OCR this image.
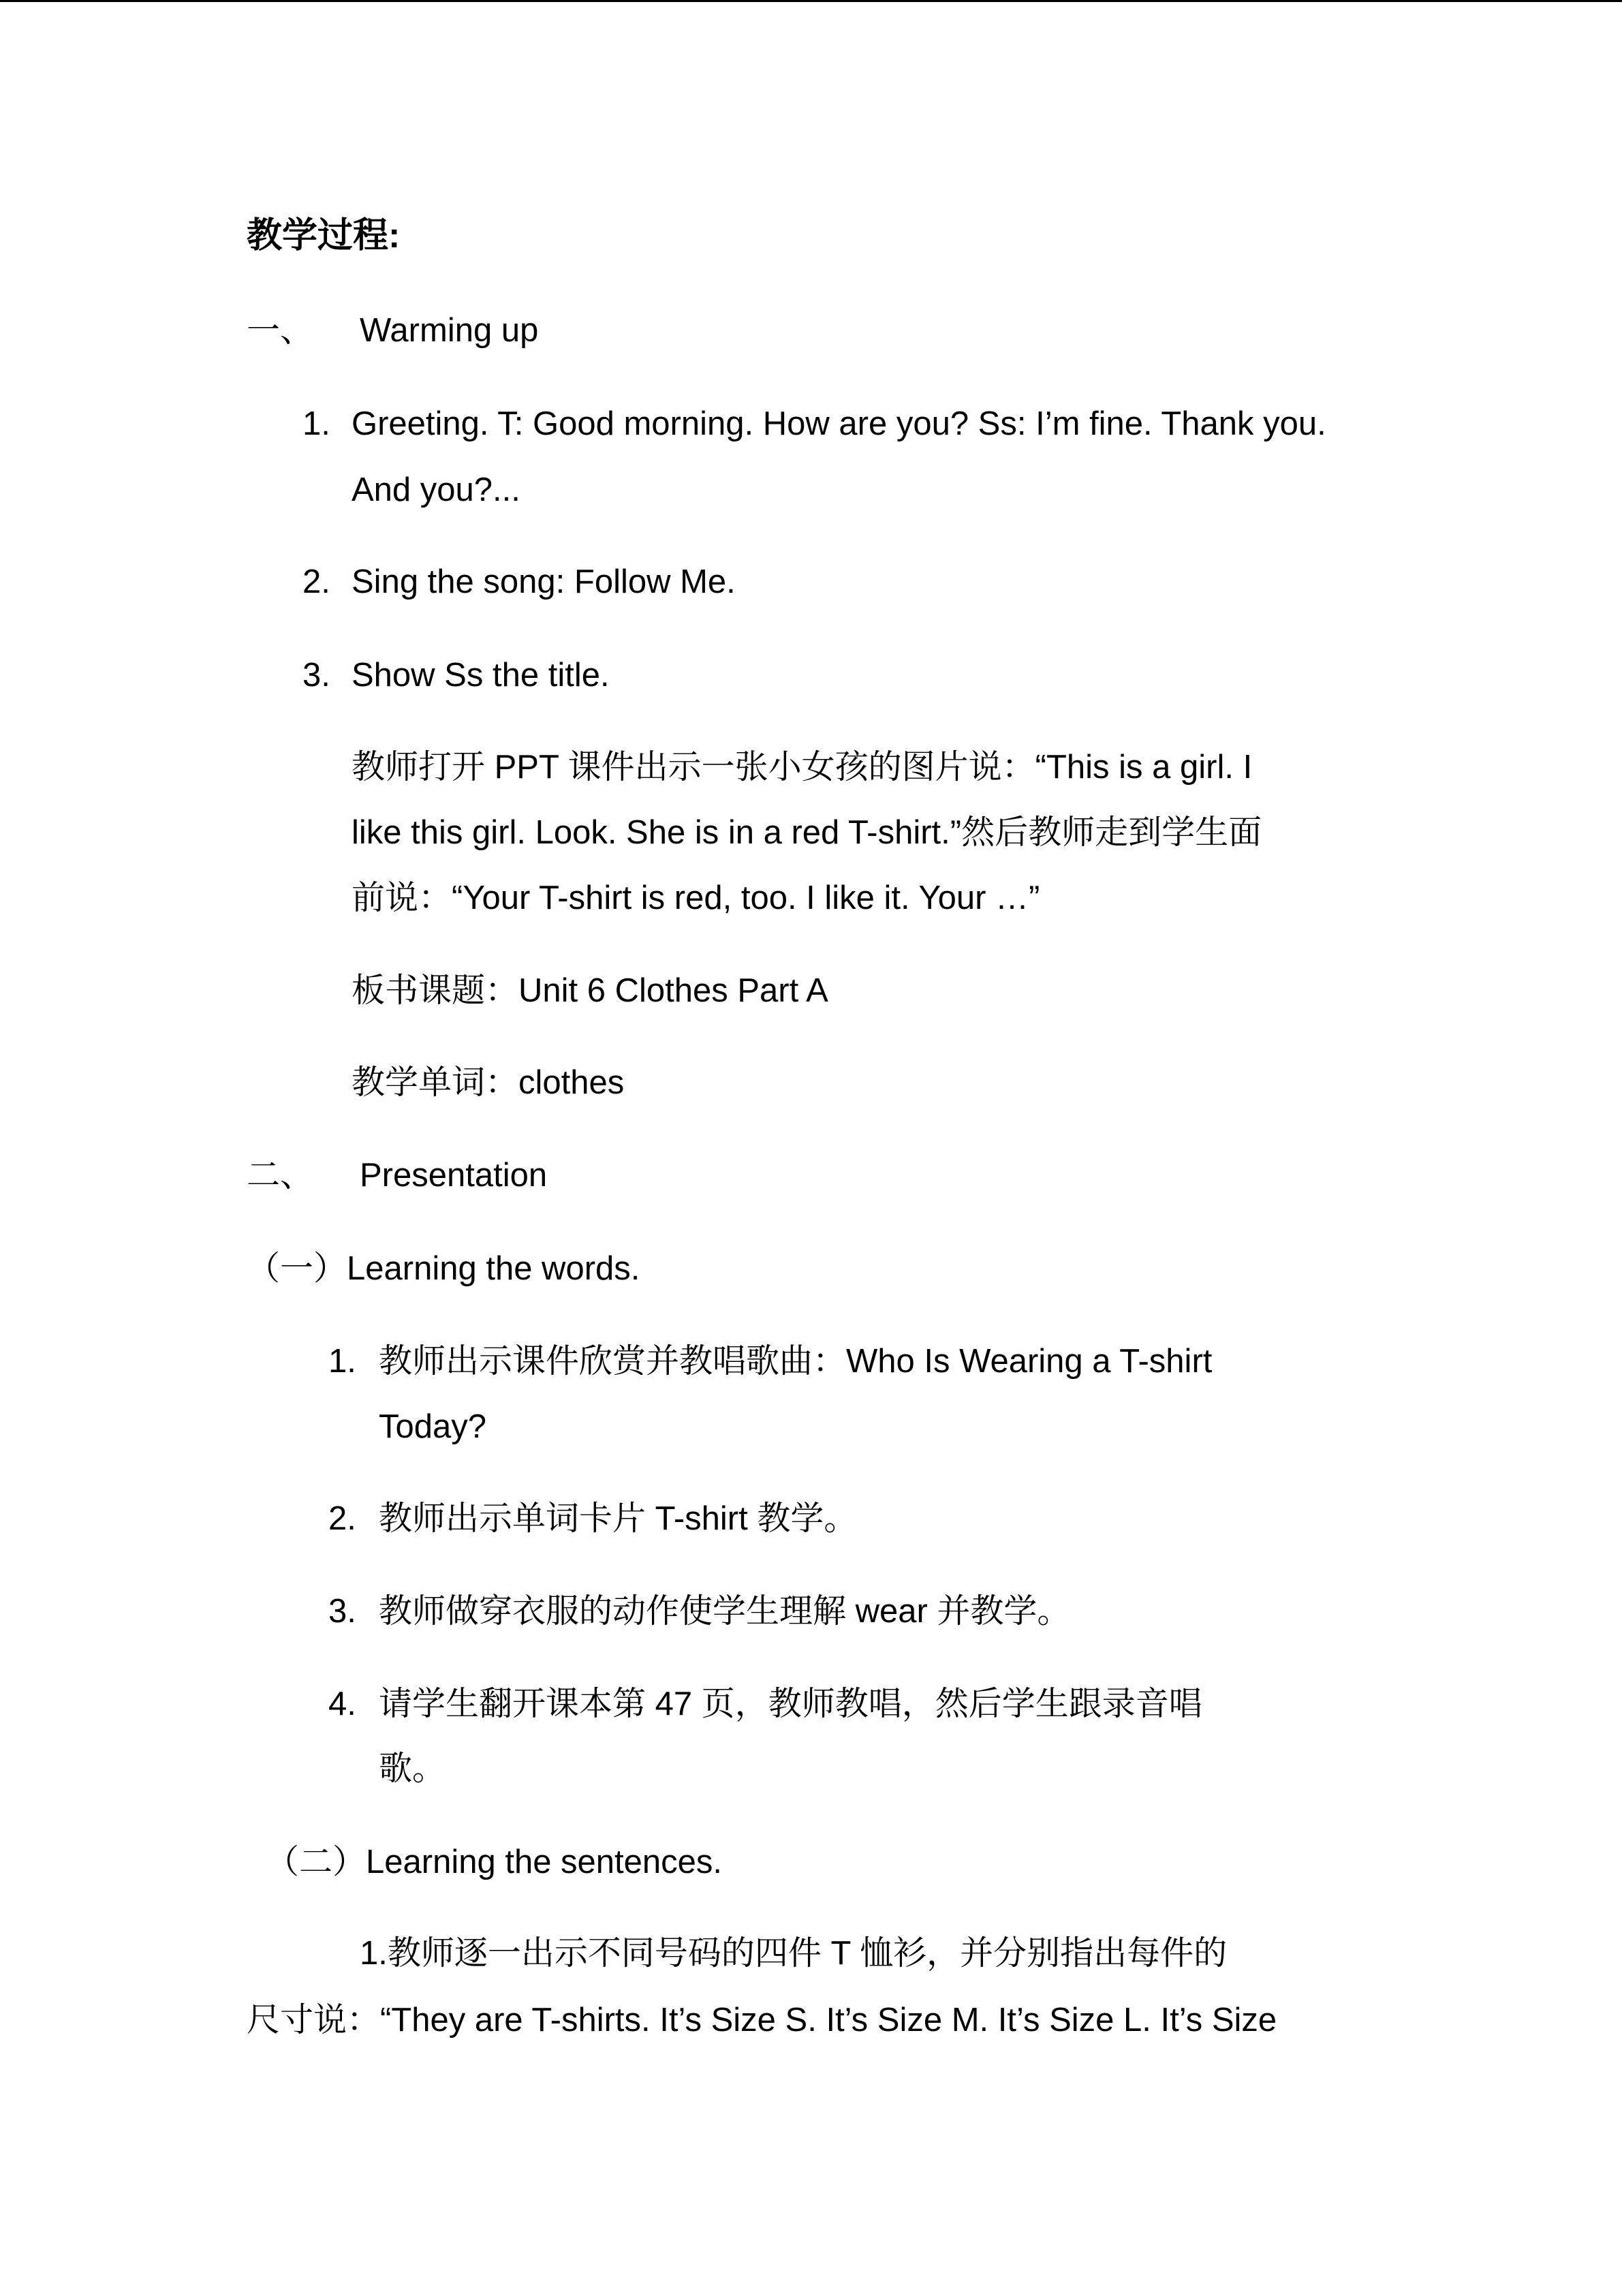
教学过程:
一、 Warming up
1. Greeting. T: Good morning. How are you? Ss: I’m fine. Thank you.
And you?...
2. Sing the song: Follow Me.
3. Show Ss the title.
教师打开 PPT 课件出示一张小女孩的图片说：“This is a girl. I
like this girl. Look. She is in a red T-shirt.”然后教师走到学生面
前说：“Your T-shirt is red, too. I like it. Your …”
板书课题：Unit 6 Clothes Part A
教学单词：clothes
二、 Presentation
（一）Learning the words.
1. 教师出示课件欣赏并教唱歌曲：Who Is Wearing a T-shirt
Today?
2. 教师出示单词卡片 T-shirt 教学。
3. 教师做穿衣服的动作使学生理解 wear 并教学。
4. 请学生翻开课本第 47 页，教师教唱，然后学生跟录音唱
歌。
（二）Learning the sentences.
1.教师逐一出示不同号码的四件 T 恤衫，并分别指出每件的
尺寸说：“They are T-shirts. It’s Size S. It’s Size M. It’s Size L. It’s Size
